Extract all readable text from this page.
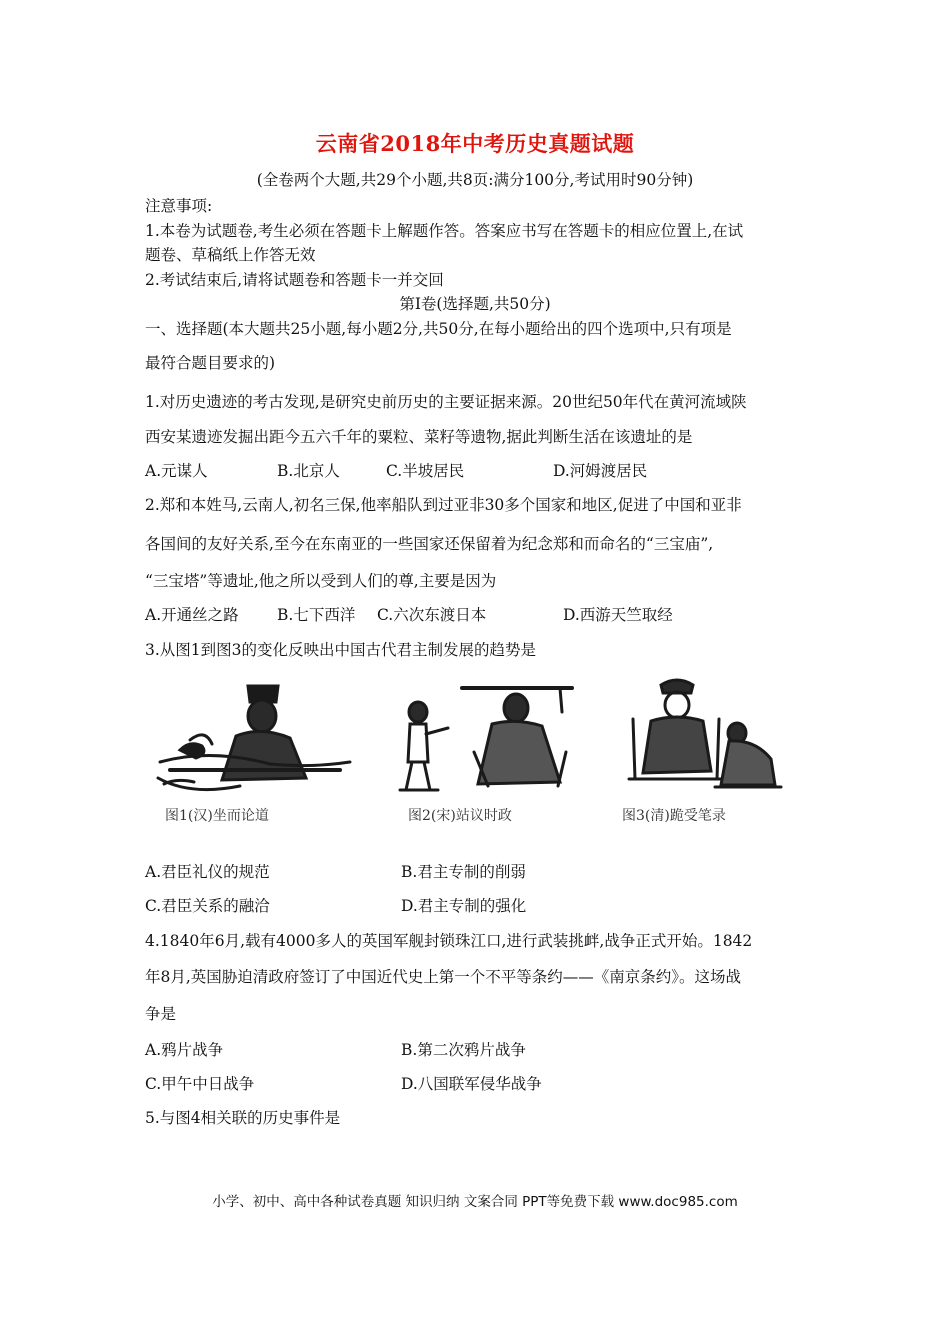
云南省2018年中考历史真题试题
(全卷两个大题,共29个小题,共8页:满分100分,考试用时90分钟)
注意事项:
1.本卷为试题卷,考生必须在答题卡上解题作答。答案应书写在答题卡的相应位置上,在试
题卷、草稿纸上作答无效
2.考试结束后,请将试题卷和答题卡一并交回
第Ⅰ卷(选择题,共50分)
一、选择题(本大题共25小题,每小题2分,共50分,在每小题给出的四个选项中,只有项是
最符合题目要求的)
1.对历史遗迹的考古发现,是研究史前历史的主要证据来源。20世纪50年代在黄河流域陕
西安某遗迹发掘出距今五六千年的粟粒、菜籽等遗物,据此判断生活在该遗址的是
A.元谋人	B.北京人	C.半坡居民	D.河姆渡居民
2.郑和本姓马,云南人,初名三保,他率船队到过亚非30多个国家和地区,促进了中国和亚非
各国间的友好关系,至今在东南亚的一些国家还保留着为纪念郑和而命名的“三宝庙”,
“三宝塔”等遗址,他之所以受到人们的尊,主要是因为
A.开通丝之路 B.七下西洋 C.六次东渡日本	D.西游天竺取经
3.从图1到图3的变化反映出中国古代君主制发展的趋势是
图1(汉)坐而论道	图2(宋)站议时政	图3(清)跪受笔录
A.君臣礼仪的规范	B.君主专制的削弱
C.君臣关系的融洽	D.君主专制的强化
4.1840年6月,载有4000多人的英国军舰封锁珠江口,进行武装挑衅,战争正式开始。1842
年8月,英国胁迫清政府签订了中国近代史上第一个不平等条约——《南京条约》。这场战
争是
A.鸦片战争	B.第二次鸦片战争
C.甲午中日战争	D.八国联军侵华战争
5.与图4相关联的历史事件是
小学、初中、高中各种试卷真题 知识归纳 文案合同 PPT等免费下载 www.doc985.com
